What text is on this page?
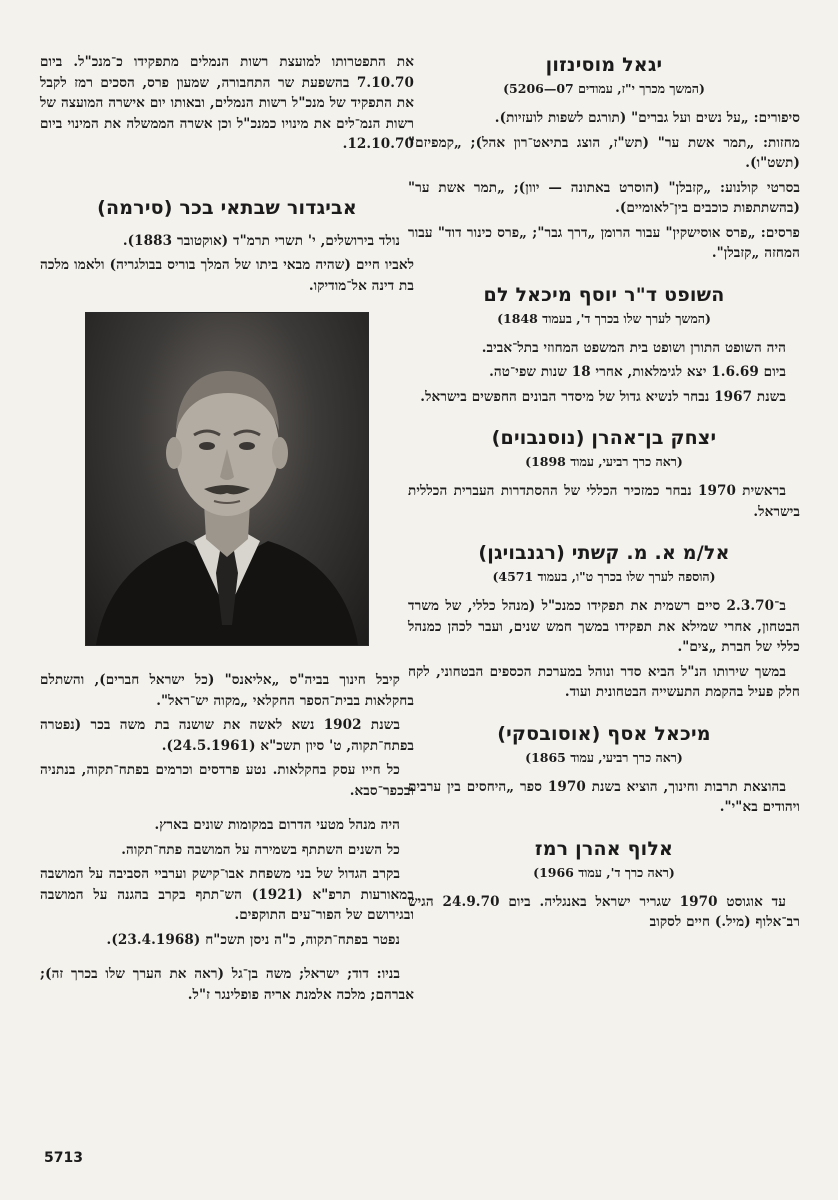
יגאל מוסינזון
(המשך מכרך י"ז, עמודים 07—5206)

סיפורים: „על נשים ועל גברים" (תורגם לשפות לועזיות).

מחזות: „תמר אשת ער" (תש"ז, הוצג בתיאט־רון אהל); „קמפיזם" (תשט"ו).

בסרטי קולנוע: „קזבלן" (הוסרט באתונה — יוון); „תמר אשת ער" (בהשתתפות כוכבים בין־לאומיים).

פרסים: „פרס אוסישקין" עבור הרומן „דרך גבר"; „פרס כינור דוד" עבור המחזה „קזבלן".

השופט ד"ר יוסף מיכאל לם
(המשך לערך שלו בכרך ד', בעמוד 1848)

היה השופט התורן ושופט בית המשפט המחוזי בתל־אביב.

ביום 1.6.69 יצא לגימלאות, אחרי 18 שנות שפי־טה.

בשנת 1967 נבחר לנשיא גדול של מיסדר הבונים החפשים בישראל.

יצחק בן־אהרן (נוסנבוים)
(ראה כרך רביעי, עמוד 1898)

בראשית 1970 נבחר כמזכיר הכללי של ההסתדרות העברית הכללית בישראל.

אל/מ א. מ. קשתי (רגנבויגן)
(הוספה לערך שלו בכרך ט"ו, בעמוד 4571)

ב־2.3.70 סיים רשמית את תפקידו כמנכ"ל (מנהל כללי, של משרד הבטחון, אחרי שמילא את תפקידו במשך חמש שנים, ועבר לכהן כמנהל כללי של חברת „צים".

במשך שירותו הנ"ל הביא סדר ונוהל במערכת הכספים הבטחוני, לקח חלק פעיל בהקמת התעשייה הבטחונית ועוד.

מיכאל אסף (אוסובסקי)
(ראה כרך רביעי, עמוד 1865)

בהוצאת תרבות וחינוך, הוציא בשנת 1970 ספר „היחסים בין ערבים ויהודים בא"י".

אלוף אהרן רמז
(ראה כרך ד', עמוד 1966)

עד אוגוסט 1970 שגריר ישראל באנגליה. ביום 24.9.70 הגיש רב־אלוף (מיל.) חיים לסקוב

את התפטרותו למועצת רשות הנמלים מתפקידו כ־מנכ"ל. ביום 7.10.70 בהשפעת שר התחבורה, שמעון פרס, הסכים רמז לקבל את התפקיד של מנכ"ל רשות הנמלים, ובאותו יום אישרה המועצה של רשות הנמ־לים את מינויו כמנכ"ל וכן אשרה הממשלה את המינוי ביום 12.10.70.

אביגדור שבתאי בכר (סירמה)

נולד בירושלים, י' תשרי תרמ"ד (אוקטובר 1883).

לאביו חיים (שהיה מבאי ביתו של המלך בוריס בבולגריה) ולאמו מלכה בת דינה אל־מודיקו.

קיבל חינוך בביה"ס „אליאנס" (כל ישראל חברים), והשתלם בחקלאות בבית־הספר החקלאי „מקוה יש־ראל".

בשנת 1902 נשא לאשה את שושנה בת משה בכר (נפטרה בפתח־תקוה, ט' סיון תשכ"א (24.5.1961).

כל חייו עסק בחקלאות. נטע פרדסים וכרמים בפתח־תקוה, בנתניה ובכפר־סבא.

היה מנהל מטעי הדרום במקומות שונים בארץ.

כל השנים השתתף בשמירה על המושבה פתח־תקוה.

בקרב הגדול של בני משפחת אבו־קישק וערביי הסביבה על המושבה במאורעות תרפ"א (1921) הש־תתף בקרב בהגנה על המושבה ובגירושם של הפור־עים התוקפים.

נפטר בפתח־תקוה, כ"ה ניסן תשכ"ח (23.4.1968).

בניו: דוד; ישראל; משה בן־גל (ראה את הערך שלו בכרך זה); אברהם; מלכה אלמנת אריה פופלינגר ז"ל.

5713
